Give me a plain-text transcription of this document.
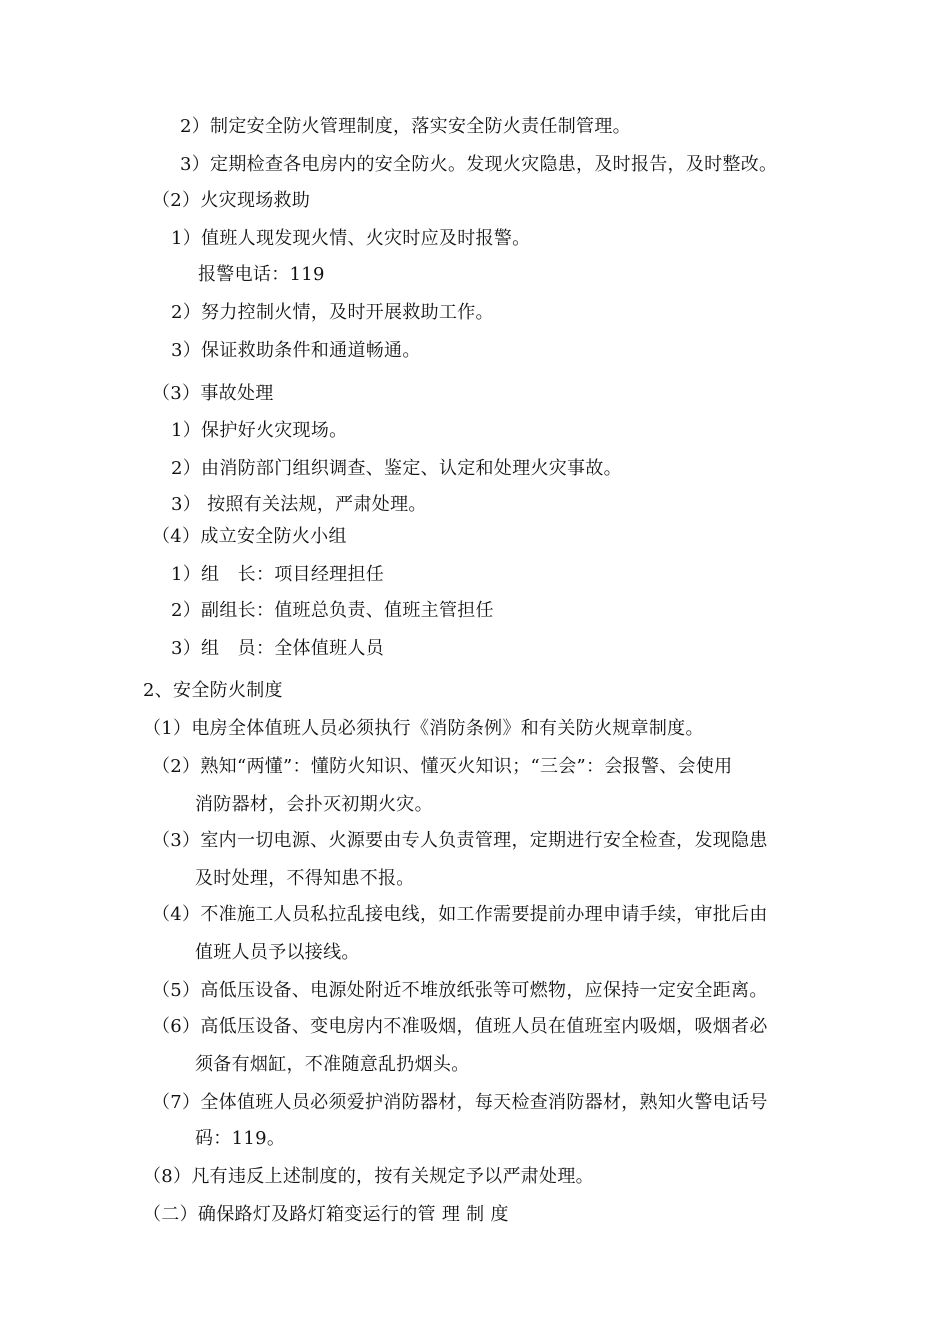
2）制定安全防火管理制度，落实安全防火责任制管理。
3）定期检查各电房内的安全防火。发现火灾隐患，及时报告，及时整改。
（2）火灾现场救助
1）值班人现发现火情、火灾时应及时报警。
报警电话：119
2）努力控制火情，及时开展救助工作。
3）保证救助条件和通道畅通。
（3）事故处理
1）保护好火灾现场。
2）由消防部门组织调查、鉴定、认定和处理火灾事故。
3） 按照有关法规，严肃处理。
（4）成立安全防火小组
1）组　长：项目经理担任
2）副组长：值班总负责、值班主管担任
3）组　员：全体值班人员
2、安全防火制度
（1）电房全体值班人员必须执行《消防条例》和有关防火规章制度。
（2）熟知“两懂”：懂防火知识、懂灭火知识；“三会”：会报警、会使用
消防器材，会扑灭初期火灾。
（3）室内一切电源、火源要由专人负责管理，定期进行安全检查，发现隐患
及时处理，不得知患不报。
（4）不准施工人员私拉乱接电线，如工作需要提前办理申请手续，审批后由
值班人员予以接线。
（5）高低压设备、电源处附近不堆放纸张等可燃物，应保持一定安全距离。
（6）高低压设备、变电房内不准吸烟，值班人员在值班室内吸烟，吸烟者必
须备有烟缸，不准随意乱扔烟头。
（7）全体值班人员必须爱护消防器材，每天检查消防器材，熟知火警电话号
码：119。
（8）凡有违反上述制度的，按有关规定予以严肃处理。
（二）确保路灯及路灯箱变运行的管 理 制 度
